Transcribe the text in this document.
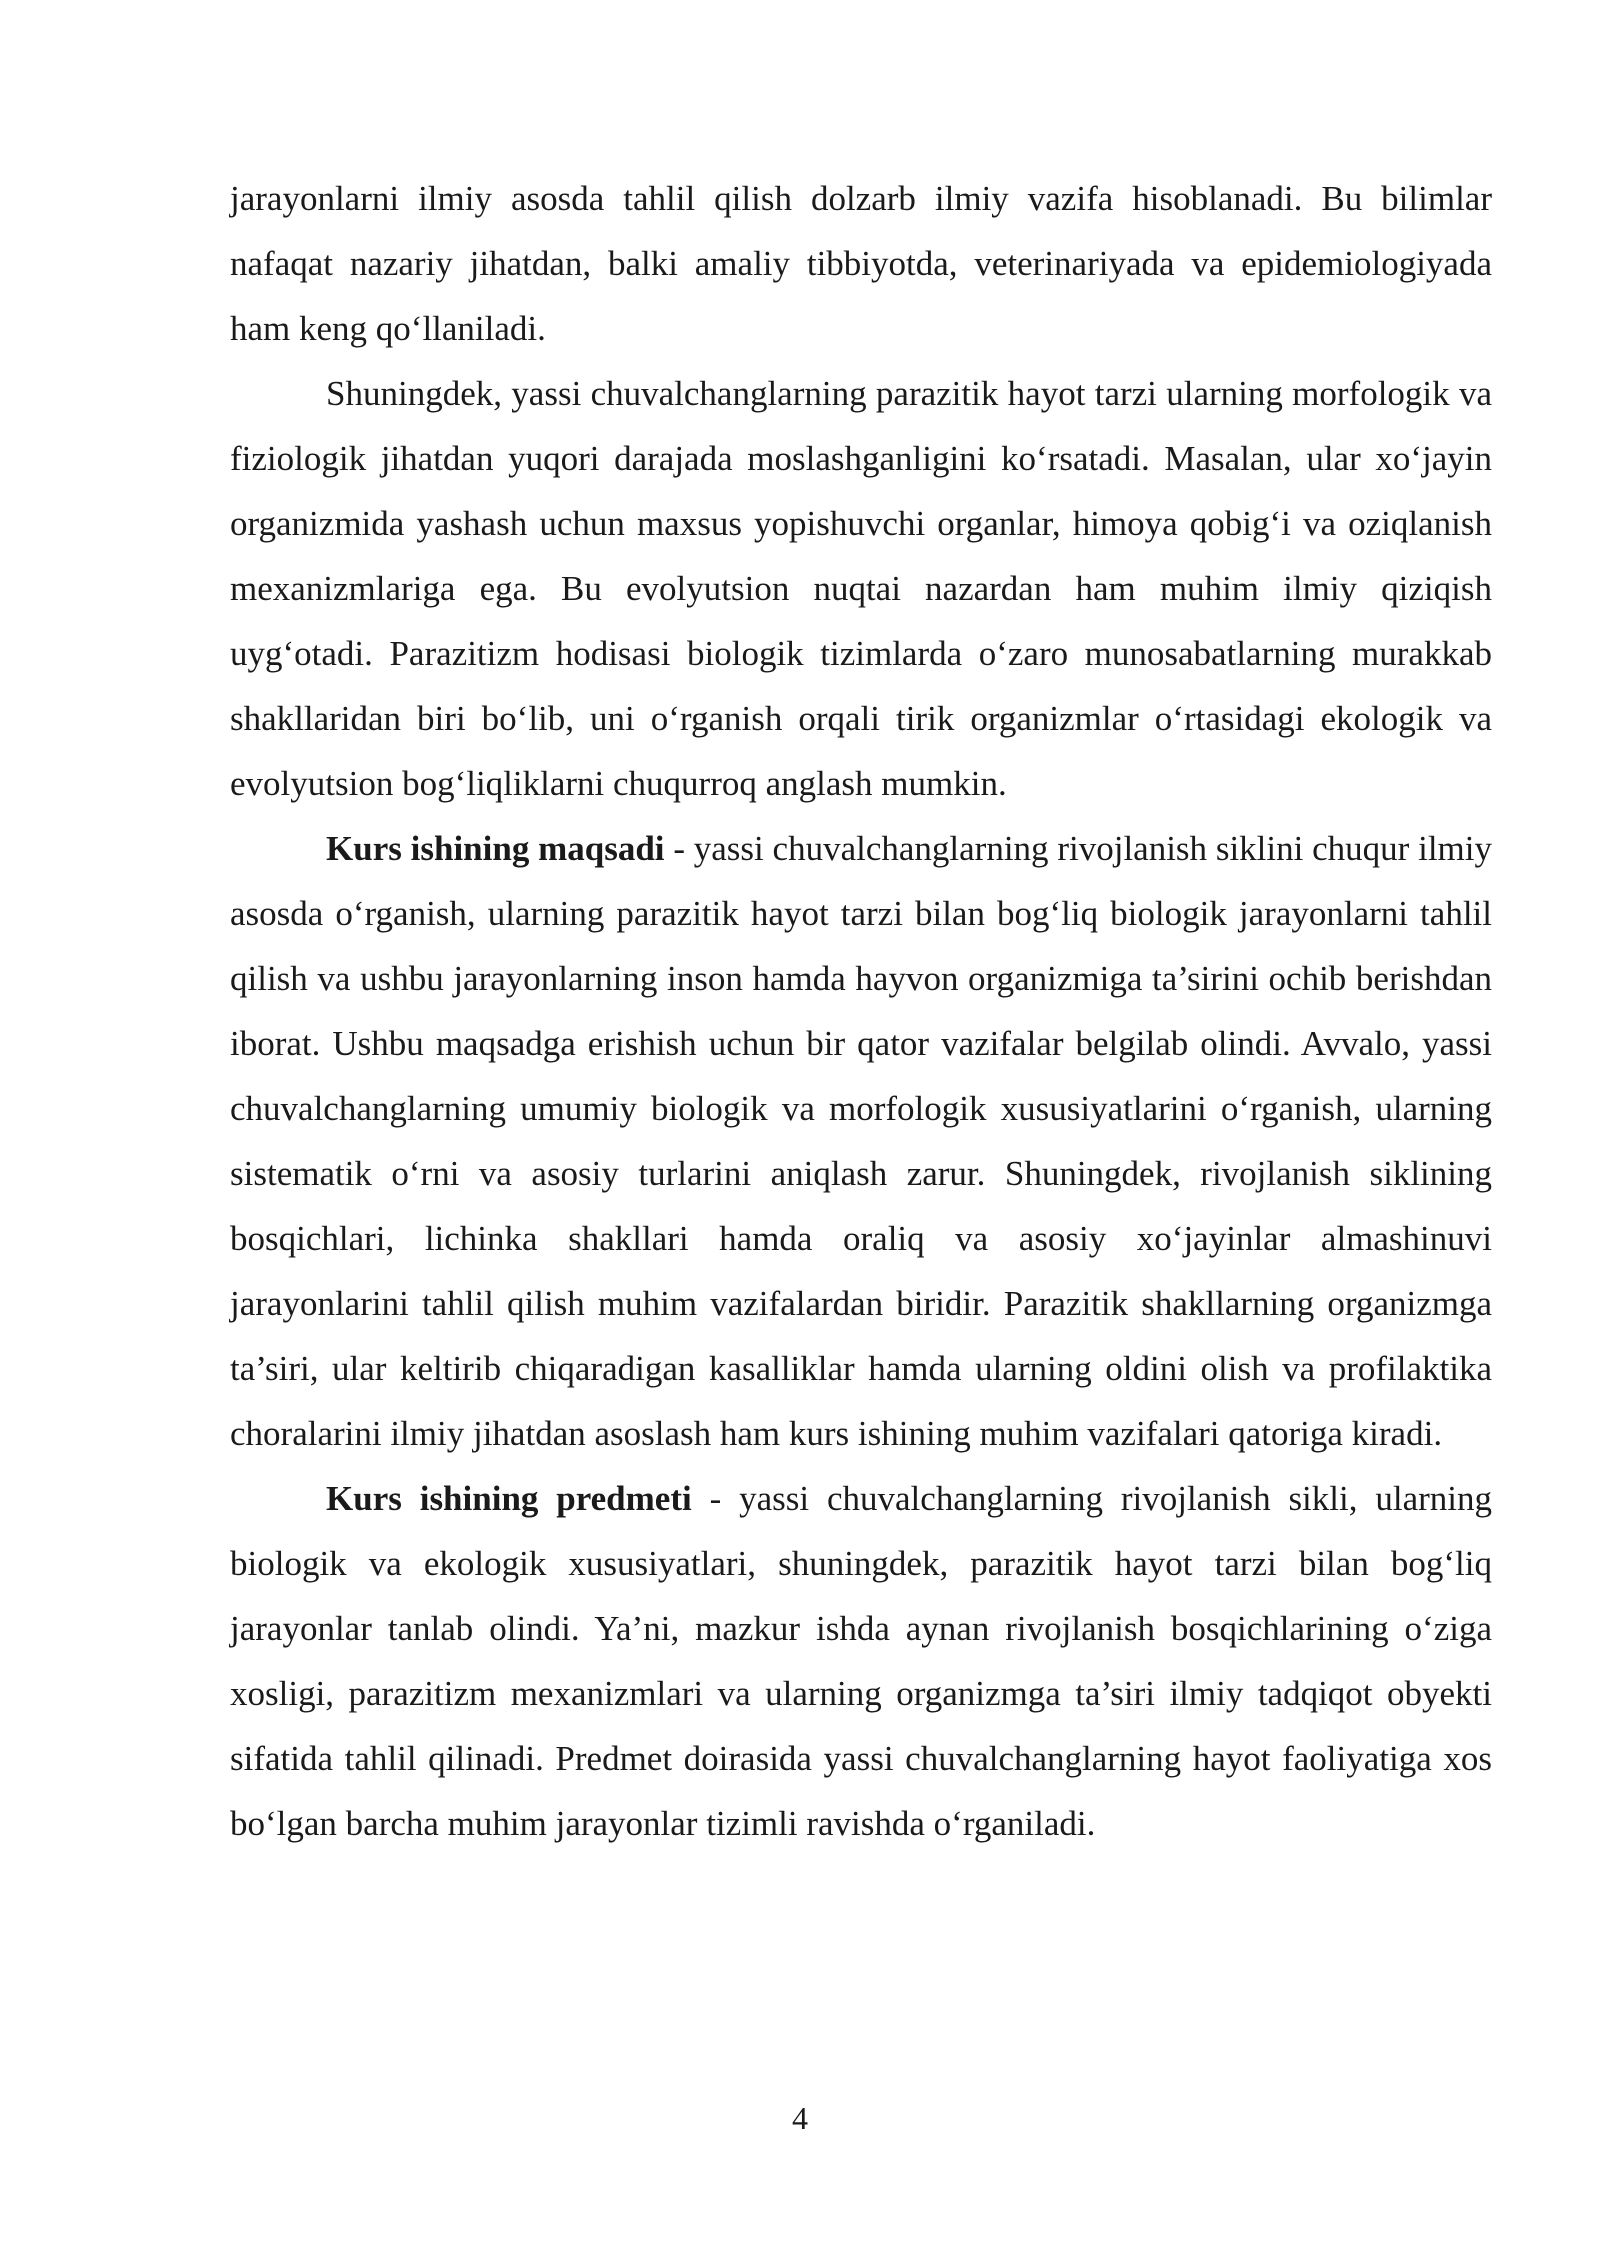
jarayonlarni ilmiy asosda tahlil qilish dolzarb ilmiy vazifa hisoblanadi. Bu bilimlar nafaqat nazariy jihatdan, balki amaliy tibbiyotda, veterinariyada va epidemiologiyada ham keng qo‘llaniladi.

Shuningdek, yassi chuvalchanglarning parazitik hayot tarzi ularning morfologik va fiziologik jihatdan yuqori darajada moslashganligini ko‘rsatadi. Masalan, ular xo‘jayin organizmida yashash uchun maxsus yopishuvchi organlar, himoya qobig‘i va oziqlanish mexanizmlariga ega. Bu evolyutsion nuqtai nazardan ham muhim ilmiy qiziqish uyg‘otadi. Parazitizm hodisasi biologik tizimlarda o‘zaro munosabatlarning murakkab shakllaridan biri bo‘lib, uni o‘rganish orqali tirik organizmlar o‘rtasidagi ekologik va evolyutsion bog‘liqliklarni chuqurroq anglash mumkin.

Kurs ishining maqsadi - yassi chuvalchanglarning rivojlanish siklini chuqur ilmiy asosda o‘rganish, ularning parazitik hayot tarzi bilan bog‘liq biologik jarayonlarni tahlil qilish va ushbu jarayonlarning inson hamda hayvon organizmiga ta’sirini ochib berishdan iborat. Ushbu maqsadga erishish uchun bir qator vazifalar belgilab olindi. Avvalo, yassi chuvalchanglarning umumiy biologik va morfologik xususiyatlarini o‘rganish, ularning sistematik o‘rni va asosiy turlarini aniqlash zarur. Shuningdek, rivojlanish siklining bosqichlari, lichinka shakllari hamda oraliq va asosiy xo‘jayinlar almashinuvi jarayonlarini tahlil qilish muhim vazifalardan biridir. Parazitik shakllarning organizmga ta’siri, ular keltirib chiqaradigan kasalliklar hamda ularning oldini olish va profilaktika choralarini ilmiy jihatdan asoslash ham kurs ishining muhim vazifalari qatoriga kiradi.

Kurs ishining predmeti - yassi chuvalchanglarning rivojlanish sikli, ularning biologik va ekologik xususiyatlari, shuningdek, parazitik hayot tarzi bilan bog‘liq jarayonlar tanlab olindi. Ya’ni, mazkur ishda aynan rivojlanish bosqichlarining o‘ziga xosligi, parazitizm mexanizmlari va ularning organizmga ta’siri ilmiy tadqiqot obyekti sifatida tahlil qilinadi. Predmet doirasida yassi chuvalchanglarning hayot faoliyatiga xos bo‘lgan barcha muhim jarayonlar tizimli ravishda o‘rganiladi.

4
